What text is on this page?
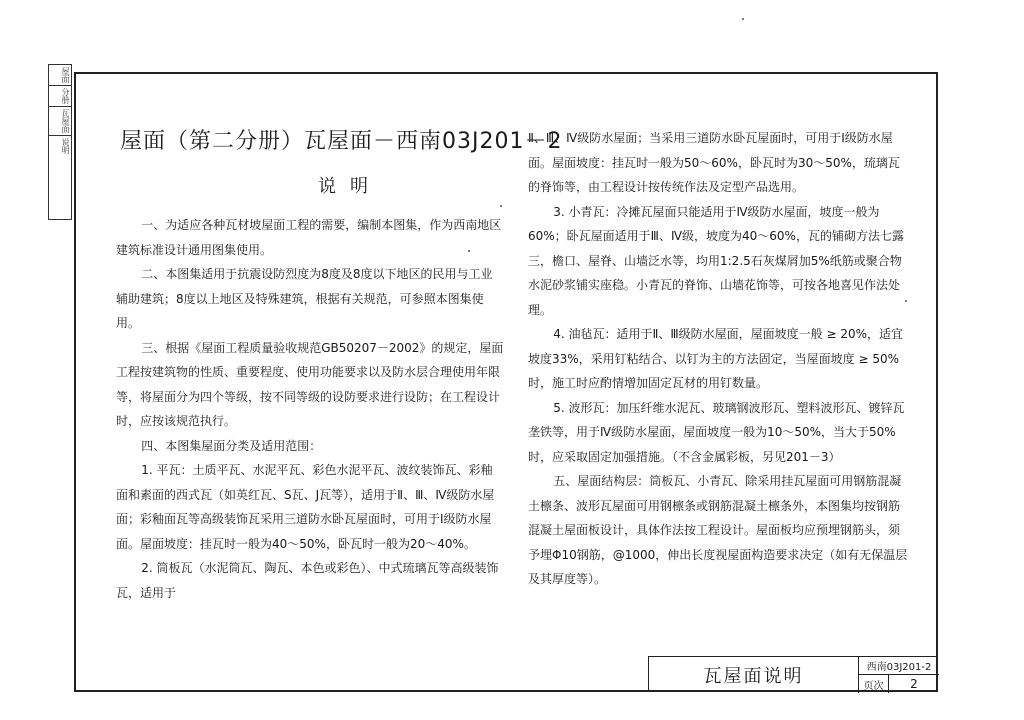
屋面
分册
瓦屋面
说明 屋面（第二分册）瓦屋面－西南03J201－2
说明

一、为适应各种瓦材坡屋面工程的需要，编制本图集，作为西南地区建筑标准设计通用图集使用。

二、本图集适用于抗震设防烈度为8度及8度以下地区的民用与工业辅助建筑；8度以上地区及特殊建筑，根据有关规范，可参照本图集使用。

三、根据《屋面工程质量验收规范GB50207－2002》的规定，屋面工程按建筑物的性质、重要程度、使用功能要求以及防水层合理使用年限等，将屋面分为四个等级，按不同等级的设防要求进行设防；在工程设计时，应按该规范执行。

四、本图集屋面分类及适用范围：

1. 平瓦：土质平瓦、水泥平瓦、彩色水泥平瓦、波纹装饰瓦、彩釉面和素面的西式瓦（如英红瓦、S瓦、J瓦等），适用于Ⅱ、Ⅲ、Ⅳ级防水屋面；彩釉面瓦等高级装饰瓦采用三道防水卧瓦屋面时，可用于Ⅰ级防水屋面。屋面坡度：挂瓦时一般为40～50%，卧瓦时一般为20～40%。

2. 筒板瓦（水泥筒瓦、陶瓦、本色或彩色）、中式琉璃瓦等高级装饰瓦，适用于

Ⅱ、Ⅲ、Ⅳ级防水屋面；当采用三道防水卧瓦屋面时，可用于Ⅰ级防水屋面。屋面坡度：挂瓦时一般为50～60%，卧瓦时为30～50%，琉璃瓦的脊饰等，由工程设计按传统作法及定型产品选用。

3. 小青瓦：冷摊瓦屋面只能适用于Ⅳ级防水屋面，坡度一般为60%；卧瓦屋面适用于Ⅲ、Ⅳ级，坡度为40～60%，瓦的铺砌方法七露三，檐口、屋脊、山墙泛水等，均用1:2.5石灰煤屑加5%纸筋或聚合物水泥砂浆铺实座稳。小青瓦的脊饰、山墙花饰等，可按各地喜见作法处理。

4. 油毡瓦：适用于Ⅱ、Ⅲ级防水屋面，屋面坡度一般 ≥ 20%，适宜坡度33%，采用钉粘结合、以钉为主的方法固定，当屋面坡度 ≥ 50%时，施工时应酌情增加固定瓦材的用钉数量。

5. 波形瓦：加压纤维水泥瓦、玻璃钢波形瓦、塑料波形瓦、镀锌瓦垄铁等，用于Ⅳ级防水屋面，屋面坡度一般为10～50%，当大于50%时，应采取固定加强措施。（不含金属彩板，另见201－3）

五、屋面结构层：筒板瓦、小青瓦、除采用挂瓦屋面可用钢筋混凝土檩条、波形瓦屋面可用钢檩条或钢筋混凝土檩条外，本图集均按钢筋混凝土屋面板设计，具体作法按工程设计。屋面板均应预埋钢筋头，须予埋Φ10钢筋，@1000，伸出长度视屋面构造要求决定（如有无保温层及其厚度等）。

瓦屋面说明	西南03J201-2
页次	2
